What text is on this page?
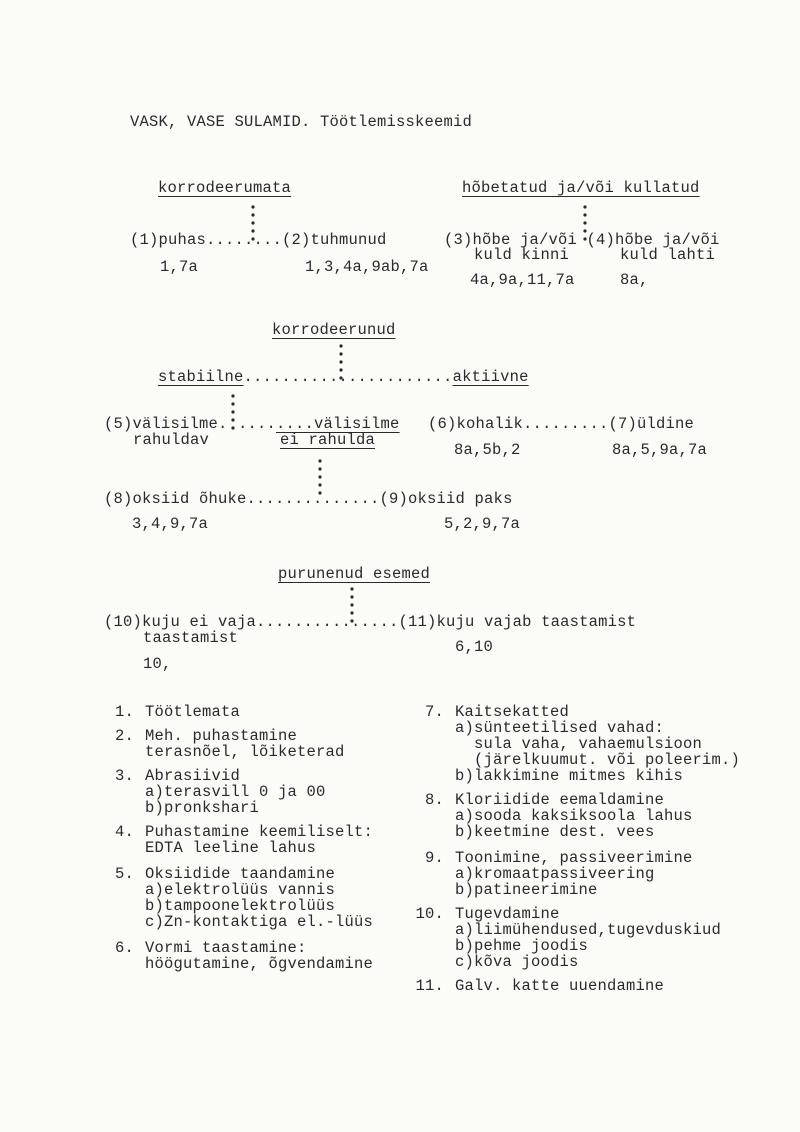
VASK, VASE SULAMID. Töötlemisskeemid
korrodeerumata	hõbetatud ja/või kullatud
(1)puhas........(2)tuhmunud
1,7a	1,3,4a,9ab,7a
(3)hõbe ja/või (4)hõbe ja/või
kuld kinni	kuld lahti
4a,9a,11,7a	8a,
korrodeerunud
stabiilne......................aktiivne
(5)välisilme. ........välisilme
rahuldav	ei rahulda
(6)kohalik.........(7)üldine
8a,5b,2	8a,5,9a,7a
(8)oksiid õhuke..............(9)oksiid paks
3,4,9,7a	5,2,9,7a
purunenud esemed
(10)kuju ei vaja...............(11)kuju vajab taastamist
taastamist
10,
6,10
1. Töötlemata
2. Meh. puhastamine
terasnõel, lõiketerad
3. Abrasiivid
a)terasvill 0 ja 00
b)pronksharі
4. Puhastamine keemiliselt:
EDTA leeline lahus
5. Oksiidide taandamine
a)elektrolüüs vannis
b)tampoonelektrolüüs
c)Zn-kontaktiga el.-lüüs
6. Vormi taastamine:
höögutamine, õgvendamine
7. Kaitsekatted
a)sünteetilised vahad:
sula vaha, vahaemulsioon
(järelkuumut. või poleerim.)
b)lakkimine mitmes kihis
8. Kloriidide eemaldamine
a)sooda kaksiksoola lahus
b)keetmine dest. vees
9. Toonimine, passiveerimine
a)kromaatpassiveering
b)patineerimine
10. Tugevdamine
a)liimühendused,tugevduskiud
b)pehme joodis
c)kõva joodis
11. Galv. katte uuendamine
